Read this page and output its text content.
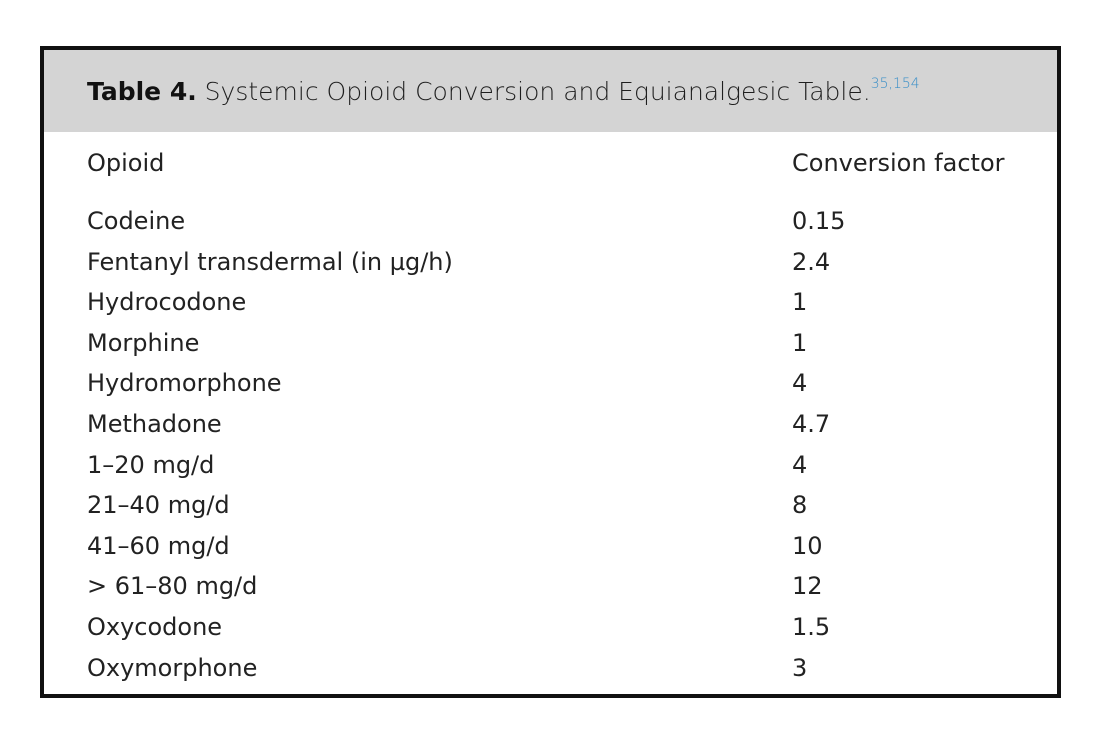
Table 4. Systemic Opioid Conversion and Equianalgesic Table.$^{35,154}$
Opioid	Conversion factor
Codeine	0.15
Fentanyl transdermal (in µg/h)	2.4
Hydrocodone	1
Morphine	1
Hydromorphone	4
Methadone	4.7
1–20 mg/d	4
21–40 mg/d	8
41–60 mg/d	10
> 61–80 mg/d	12
Oxycodone	1.5
Oxymorphone	3
